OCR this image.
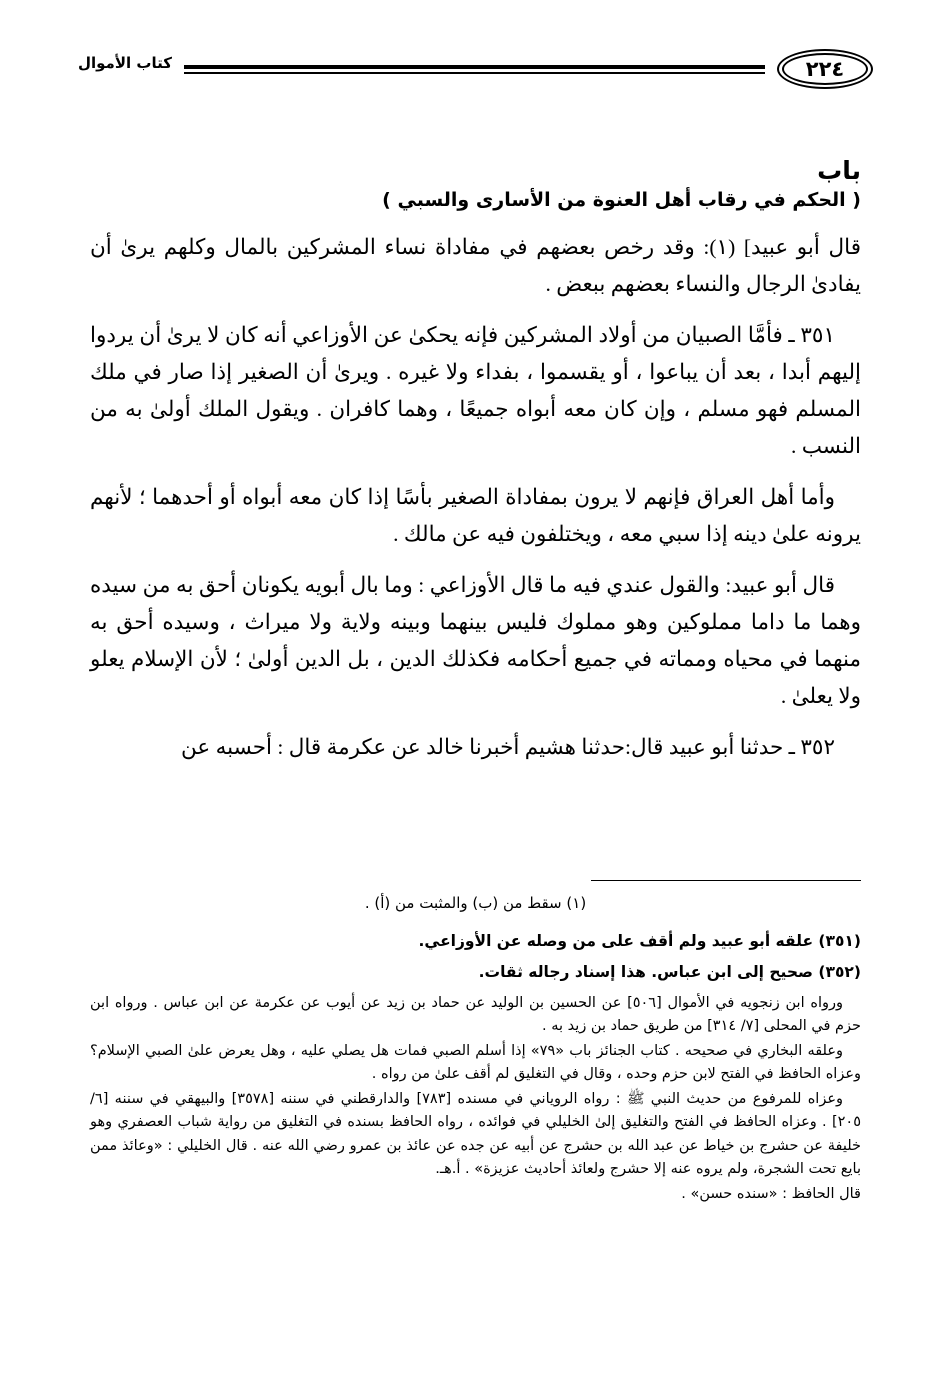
كتاب الأموال	٢٢٤
باب
( الحكم في رقاب أهل العنوة من الأسارى والسبي )

قال أبو عبيد] (١): وقد رخص بعضهم في مفاداة نساء المشركين بالمال وكلهم يرىٰ أن يفادىٰ الرجال والنساء بعضهم ببعض .

٣٥١ ـ فأمَّا الصبيان من أولاد المشركين فإنه يحكىٰ عن الأوزاعي أنه كان لا يرىٰ أن يردوا إليهم أبدا ، بعد أن يباعوا ، أو يقسموا ، بفداء ولا غيره . ويرىٰ أن الصغير إذا صار في ملك المسلم فهو مسلم ، وإن كان معه أبواه جميعًا ، وهما كافران . ويقول الملك أولىٰ به من النسب .

وأما أهل العراق فإنهم لا يرون بمفاداة الصغير بأسًا إذا كان معه أبواه أو أحدهما ؛ لأنهم يرونه علىٰ دينه إذا سبي معه ، ويختلفون فيه عن مالك .

قال أبو عبيد: والقول عندي فيه ما قال الأوزاعي : وما بال أبويه يكونان أحق به من سيده وهما ما داما مملوكين وهو مملوك فليس بينهما وبينه ولاية ولا ميراث ، وسيده أحق به منهما في محياه ومماته في جميع أحكامه فكذلك الدين ، بل الدين أولىٰ ؛ لأن الإسلام يعلو ولا يعلىٰ .

٣٥٢ ـ حدثنا أبو عبيد قال:حدثنا هشيم أخبرنا خالد عن عكرمة قال : أحسبه عن

(١) سقط من (ب) والمثبت من (أ) .

(٣٥١) علقه أبو عبيد ولم أقف على من وصله عن الأوزاعي.

(٣٥٢) صحيح إلى ابن عباس. هذا إسناد رجاله ثقات.

ورواه ابن زنجويه في الأموال [٥٠٦] عن الحسين بن الوليد عن حماد بن زيد عن أيوب عن عكرمة عن ابن عباس . ورواه ابن حزم في المحلى [٧/ ٣١٤] من طريق حماد بن زيد به .

وعلقه البخاري في صحيحه . كتاب الجنائز باب «٧٩» إذا أسلم الصبي فمات هل يصلي عليه ، وهل يعرض علىٰ الصبي الإسلام؟ وعزاه الحافظ في الفتح لابن حزم وحده ، وقال في التغليق لم أقف علىٰ من رواه .

وعزاه للمرفوع من حديث النبي ﷺ : رواه الروياني في مسنده [٧٨٣] والدارقطني في سننه [٣٥٧٨] والبيهقي في سننه [٦/ ٢٠٥] . وعزاه الحافظ في الفتح والتغليق إلىٰ الخليلي في فوائده ، رواه الحافظ بسنده في التغليق من رواية شباب العصفري وهو خليفة عن حشرج بن خياط عن عبد الله بن حشرج عن أبيه عن جده عن عائذ بن عمرو رضي الله عنه . قال الخليلي : «وعائذ ممن بايع تحت الشجرة، ولم يروه عنه إلا حشرج ولعائذ أحاديث عزيزة» . أ.هـ.

قال الحافظ : «سنده حسن» .
